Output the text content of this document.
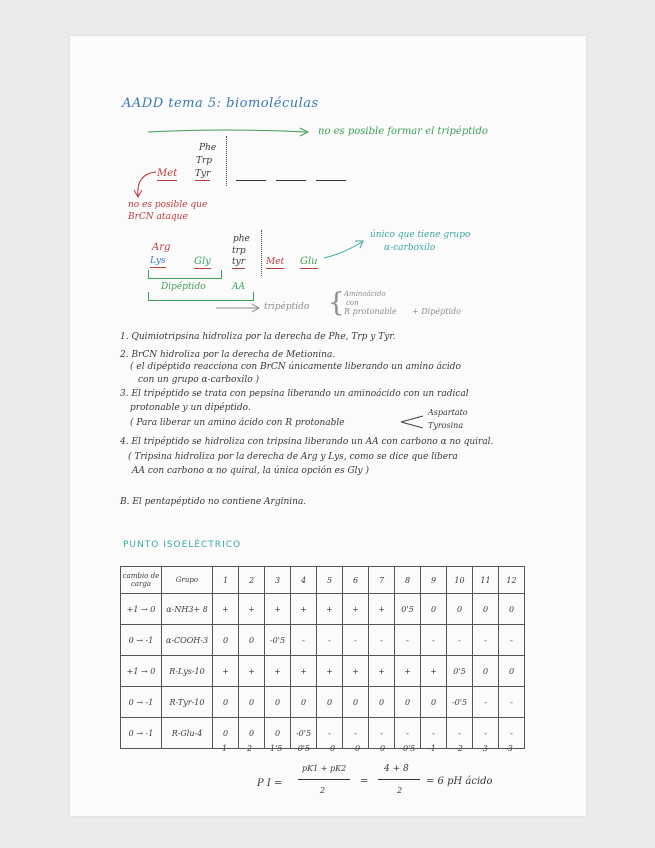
AADD tema 5: biomoléculas
no es posible formar el tripéptido
Phe
Trp
Tyr
Met
no es posible que
BrCN ataque
Arg
Lys	Gly
phe
trp
tyr Met Glu
único que tiene grupo
α-carboxilo
Dipéptido	AA
tripéptido { Aminoácido
con
R protonable + Dipéptido
1. Quimiotripsina hidroliza por la derecha de Phe, Trp y Tyr.
2. BrCN hidroliza por la derecha de Metionina.
( el dipéptido reacciona con BrCN únicamente liberando un amino ácido
con un grupo α-carboxilo )
3. El tripéptido se trata con pepsina liberando un aminoácido con un radical
protonable y un dipéptido.
( Para liberar un amino ácido con R protonable
Aspartato
Tyrosina
4. El tripéptido se hidroliza con tripsina liberando un AA con carbono α no quiral.
( Tripsina hidroliza por la derecha de Arg y Lys, como se dice que libera
AA con carbono α no quiral, la única opción es Gly )
B. El pentapéptido no contiene Arginina.
PUNTO ISOELÉCTRICO
cambio de carga	Grupo	1	2	3	4	5	6	7	8	9	10	11	12
+1 → 0	α-NH3+ 8	+	+	+	+	+	+	+	0'5	0	0	0	0
0 → -1	α-COOH-3	0	0	-0'5	-	-	-	-	-	-	-	-	-
+1 → 0	R-Lys-10	+	+	+	+	+	+	+	+	+	0'5	0	0
0 → -1	R-Tyr-10	0	0	0	0	0	0	0	0	0	-0'5	-	-
0 → -1	R-Glu-4	0	0	0	-0'5	-	-	-	-	-	-	-	-
1 2 1'5 -0'5 0 0 0 0'5 -1 -2 -3 -3
P I =
pK1 + pK2
2
=
4 + 8
2
= 6 pH ácido
